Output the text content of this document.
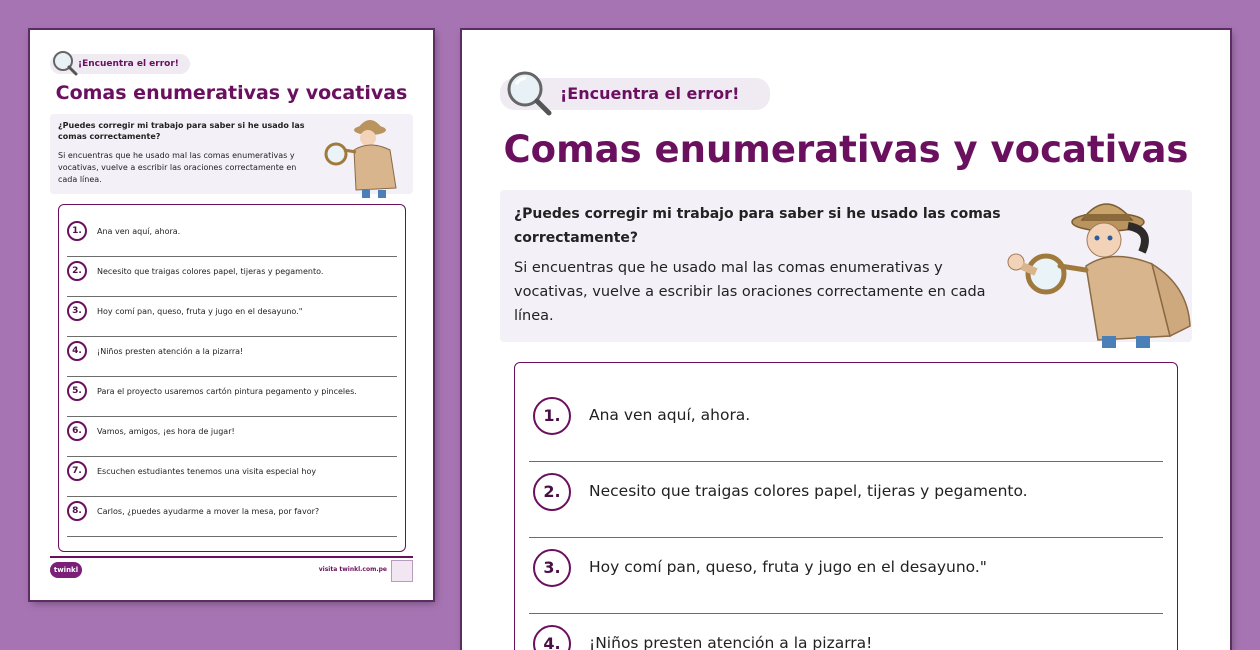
¡Encuentra el error!
Comas enumerativas y vocativas

¿Puedes corregir mi trabajo para saber si he usado las comas correctamente?

Si encuentras que he usado mal las comas enumerativas y vocativas, vuelve a escribir las oraciones correctamente en cada línea.

1.	Ana ven aquí, ahora.
2.	Necesito que traigas colores papel, tijeras y pegamento.
3.	Hoy comí pan, queso, fruta y jugo en el desayuno."
4.	¡Niños presten atención a la pizarra!
5.	Para el proyecto usaremos cartón pintura pegamento y pinceles.
6.	Vamos, amigos, ¡es hora de jugar!
7.	Escuchen estudiantes tenemos una visita especial hoy
8.	Carlos, ¿puedes ayudarme a mover la mesa, por favor?
twinkl	visita twinkl.com.pe
¡Encuentra el error!
Comas enumerativas y vocativas

¿Puedes corregir mi trabajo para saber si he usado las comas correctamente?

Si encuentras que he usado mal las comas enumerativas y vocativas, vuelve a escribir las oraciones correctamente en cada línea.

1.	Ana ven aquí, ahora.
2.	Necesito que traigas colores papel, tijeras y pegamento.
3.	Hoy comí pan, queso, fruta y jugo en el desayuno."
4.	¡Niños presten atención a la pizarra!
